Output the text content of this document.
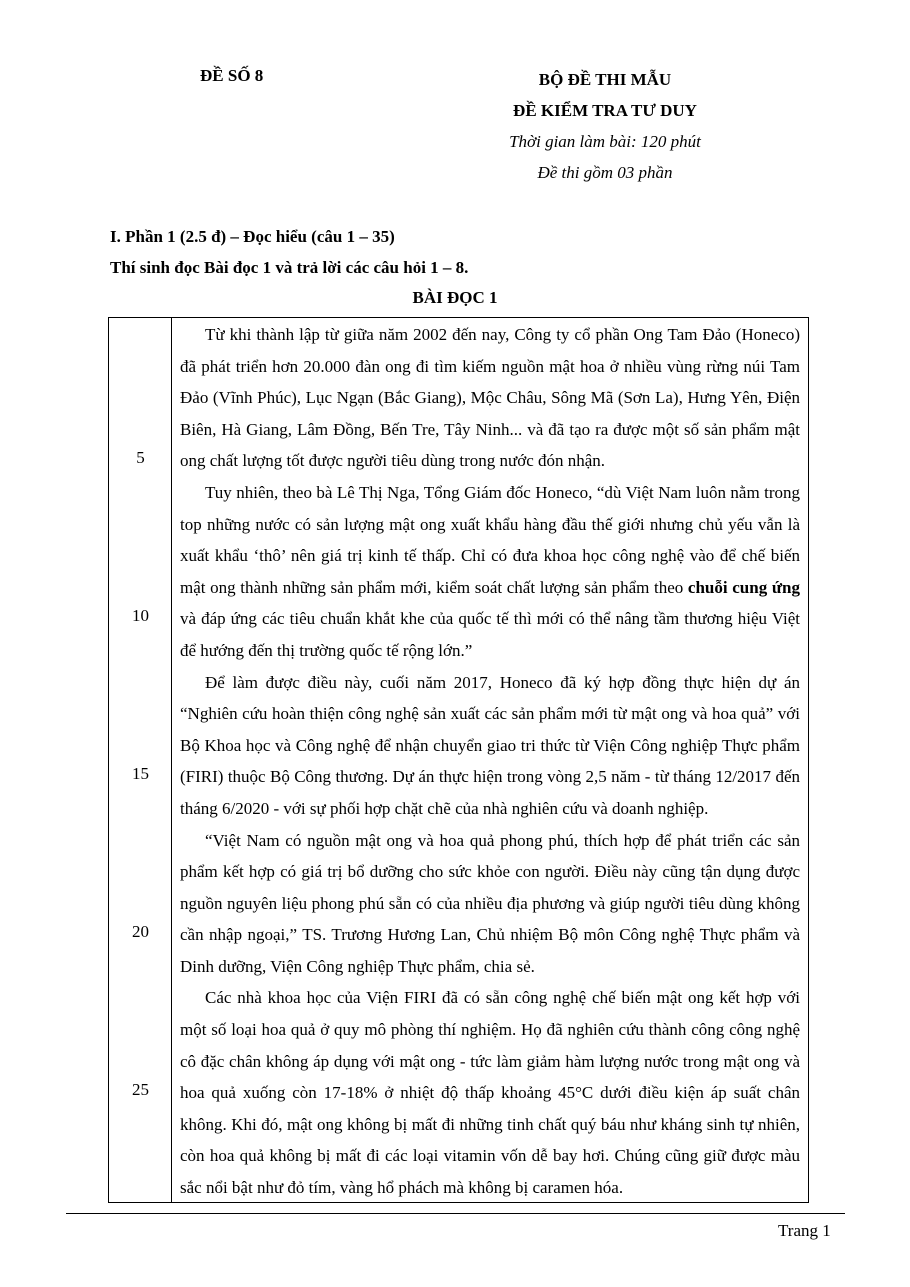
ĐỀ SỐ 8	BỘ ĐỀ THI MẪU
ĐỀ KIỂM TRA TƯ DUY
Thời gian làm bài: 120 phút
Đề thi gồm 03 phần
I. Phần 1 (2.5 đ) – Đọc hiểu (câu 1 – 35)
Thí sinh đọc Bài đọc 1 và trả lời các câu hỏi 1 – 8.
BÀI ĐỌC 1
5
10
15
20
25

Từ khi thành lập từ giữa năm 2002 đến nay, Công ty cổ phần Ong Tam Đảo (Honeco) đã phát triển hơn 20.000 đàn ong đi tìm kiếm nguồn mật hoa ở nhiều vùng rừng núi Tam Đảo (Vĩnh Phúc), Lục Ngạn (Bắc Giang), Mộc Châu, Sông Mã (Sơn La), Hưng Yên, Điện Biên, Hà Giang, Lâm Đồng, Bến Tre, Tây Ninh... và đã tạo ra được một số sản phẩm mật ong chất lượng tốt được người tiêu dùng trong nước đón nhận.

Tuy nhiên, theo bà Lê Thị Nga, Tổng Giám đốc Honeco, “dù Việt Nam luôn nằm trong top những nước có sản lượng mật ong xuất khẩu hàng đầu thế giới nhưng chủ yếu vẫn là xuất khẩu ‘thô’ nên giá trị kinh tế thấp. Chỉ có đưa khoa học công nghệ vào để chế biến mật ong thành những sản phẩm mới, kiểm soát chất lượng sản phẩm theo chuỗi cung ứng và đáp ứng các tiêu chuẩn khắt khe của quốc tế thì mới có thể nâng tầm thương hiệu Việt để hướng đến thị trường quốc tế rộng lớn.”

Để làm được điều này, cuối năm 2017, Honeco đã ký hợp đồng thực hiện dự án “Nghiên cứu hoàn thiện công nghệ sản xuất các sản phẩm mới từ mật ong và hoa quả” với Bộ Khoa học và Công nghệ để nhận chuyển giao tri thức từ Viện Công nghiệp Thực phẩm (FIRI) thuộc Bộ Công thương. Dự án thực hiện trong vòng 2,5 năm - từ tháng 12/2017 đến tháng 6/2020 - với sự phối hợp chặt chẽ của nhà nghiên cứu và doanh nghiệp.

“Việt Nam có nguồn mật ong và hoa quả phong phú, thích hợp để phát triển các sản phẩm kết hợp có giá trị bổ dưỡng cho sức khỏe con người. Điều này cũng tận dụng được nguồn nguyên liệu phong phú sẵn có của nhiều địa phương và giúp người tiêu dùng không cần nhập ngoại,” TS. Trương Hương Lan, Chủ nhiệm Bộ môn Công nghệ Thực phẩm và Dinh dưỡng, Viện Công nghiệp Thực phẩm, chia sẻ.

Các nhà khoa học của Viện FIRI đã có sẵn công nghệ chế biến mật ong kết hợp với một số loại hoa quả ở quy mô phòng thí nghiệm. Họ đã nghiên cứu thành công công nghệ cô đặc chân không áp dụng với mật ong - tức làm giảm hàm lượng nước trong mật ong và hoa quả xuống còn 17-18% ở nhiệt độ thấp khoảng 45°C dưới điều kiện áp suất chân không. Khi đó, mật ong không bị mất đi những tinh chất quý báu như kháng sinh tự nhiên, còn hoa quả không bị mất đi các loại vitamin vốn dễ bay hơi. Chúng cũng giữ được màu sắc nổi bật như đỏ tím, vàng hổ phách mà không bị caramen hóa.

Trang 1
